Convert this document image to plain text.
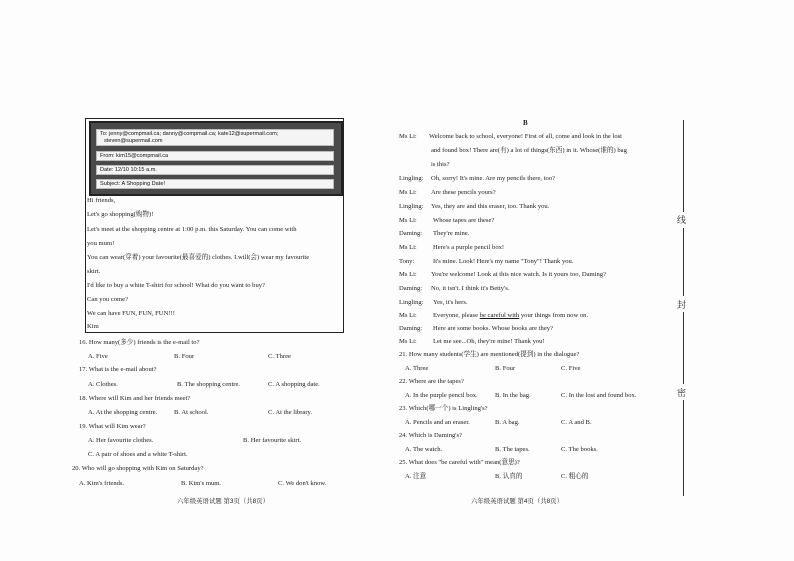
To: jenny@compmail.ca; danny@compmail.ca; kate12@supermail.com;
steven@supermail.com
From: kim15@compmail.ca
Date: 12/10 10:15 a.m.
Subject: A Shopping Date!
Hi friends,
Let's go shopping(购物)!
Let's meet at the shopping centre at 1:00 p.m. this Saturday. You can come with
you mum!
You can wear(穿着) your favourite(最喜爱的) clothes. I.will(会) wear my favourite
skirt.
I'd like to buy a white T-shirt for school! What do you want to buy?
Can you come?
We can have FUN, FUN, FUN!!!
Kim
16. How many(多少) friends is the e-mail to?
A. Five	B. Four	C. Three
17. What is the e-mail about?
A. Clothes.	B. The shopping centre.	C. A shopping date.
18. Where will Kim and her friends meet?
A. At the shopping centre.	B. At school.	C. At the library.
19. What will Kim wear?
A. Her favourite clothes.	B. Her favourite skirt.
C. A pair of shoes and a white T-shirt.
20. Who will go shopping with Kim on Saturday?
A. Kim's friends.	B. Kim's mum.	C. We don't know.
六年级英语试题 第3页（共8页）
B
Ms Li: Welcome back to school, everyone! First of all, come and look in the lost
and found box! There are(有) a lot of things(东西) in it. Whose(谁的) bag
is this?
Lingling: Oh, sorry! It's mine. Are my pencils there, too?
Ms Li: Are these pencils yours?
Lingling: Yes, they are and this eraser, too. Thank you.
Ms Li: Whose tapes are these?
Daming: They're mine.
Ms Li: Here's a purple pencil box!
Tony:	It's mine. Look! Here's my name "Tony"! Thank you.
Ms Li: You're welcome! Look at this nice watch. Is it yours too, Daming?
Daming: No, it isn't. I think it's Betty's.
Lingling: Yes, it's hers.
Ms Li: Everyone, please be careful with your things from now on.
Daming: Here are some books. Whose books are they?
Ms Li: Let me see...Oh, they're mine! Thank you!
21. How many students(学生) are mentioned(提到) in the dialogue?
A. Three	B. Four	C. Five
22. Where are the tapes?
A. In the purple pencil box.	B. In the bag.	C. In the lost and found box.
23. Which(哪一个) is Lingling's?
A. Pencils and an eraser.	B. A bag.	C. A and B.
24. Which is Daming's?
A. The watch.	B. The tapes.	C. The books.
25. What does "be careful with" mean(意思)?
A. 注意	B. 认真的	C. 粗心的
六年级英语试题 第4页（共8页）
线
封
密
